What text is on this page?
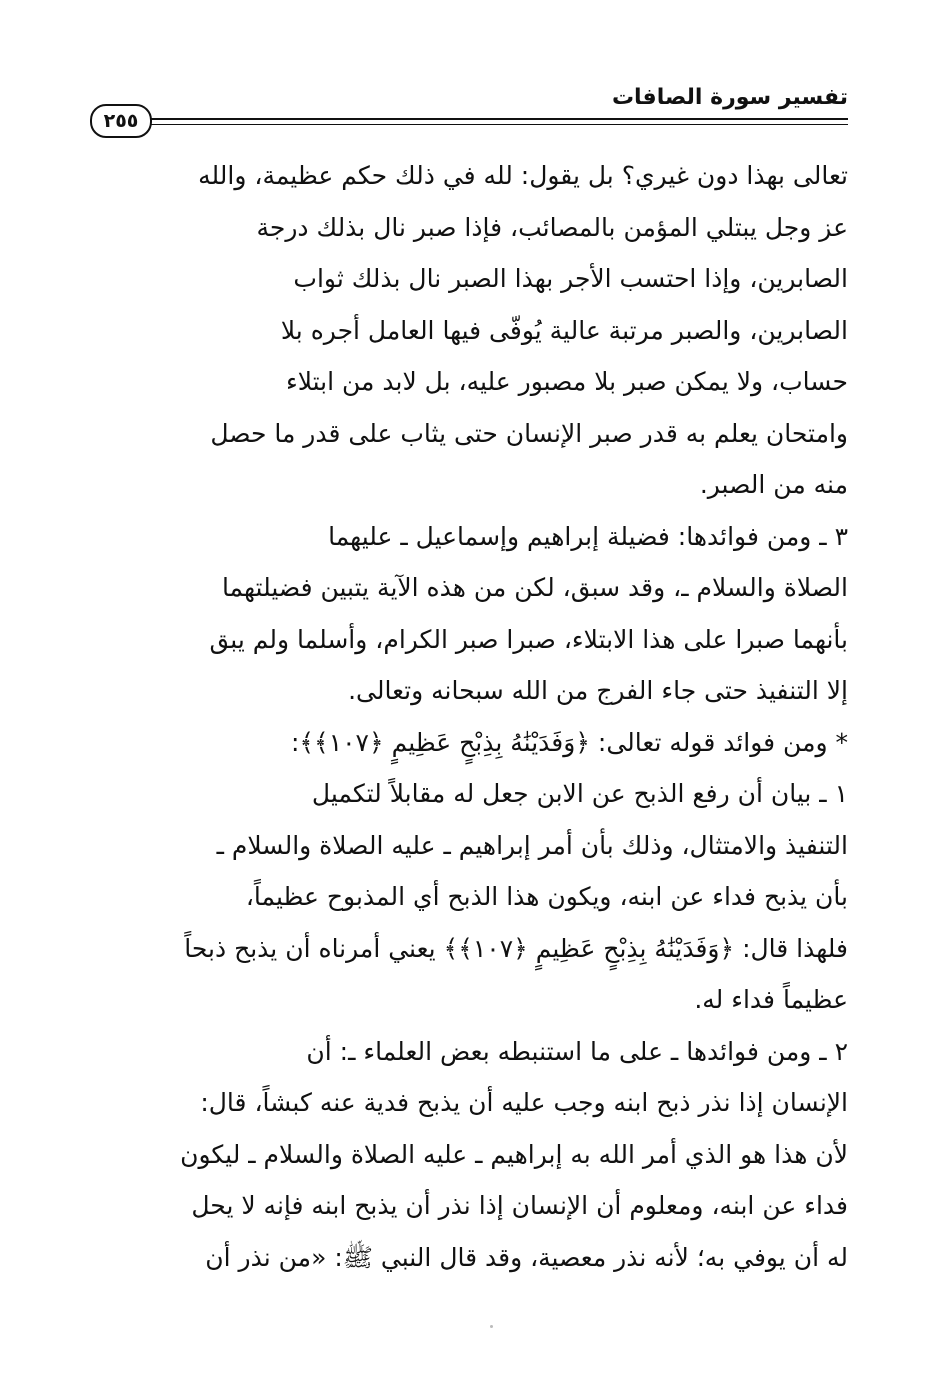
تفسير سورة الصافات
٢٥٥
تعالى بهذا دون غيري؟ بل يقول: لله في ذلك حكم عظيمة، والله
عز وجل يبتلي المؤمن بالمصائب، فإذا صبر نال بذلك درجة
الصابرين، وإذا احتسب الأجر بهذا الصبر نال بذلك ثواب
الصابرين، والصبر مرتبة عالية يُوفّى فيها العامل أجره بلا
حساب، ولا يمكن صبر بلا مصبور عليه، بل لابد من ابتلاء
وامتحان يعلم به قدر صبر الإنسان حتى يثاب على قدر ما حصل
منه من الصبر.
٣ ـ ومن فوائدها: فضيلة إبراهيم وإسماعيل ـ عليهما
الصلاة والسلام ـ، وقد سبق، لكن من هذه الآية يتبين فضيلتهما
بأنهما صبرا على هذا الابتلاء، صبرا صبر الكرام، وأسلما ولم يبق
إلا التنفيذ حتى جاء الفرج من الله سبحانه وتعالى.
* ومن فوائد قوله تعالى: ﴿وَفَدَيْنَٰهُ بِذِبْحٍ عَظِيمٍ ﴿١٠٧﴾﴾:
١ ـ بيان أن رفع الذبح عن الابن جعل له مقابلاً لتكميل
التنفيذ والامتثال، وذلك بأن أمر إبراهيم ـ عليه الصلاة والسلام ـ
بأن يذبح فداء عن ابنه، ويكون هذا الذبح أي المذبوح عظيماً،
فلهذا قال: ﴿وَفَدَيْنَٰهُ بِذِبْحٍ عَظِيمٍ ﴿١٠٧﴾﴾ يعني أمرناه أن يذبح ذبحاً
عظيماً فداء له.
٢ ـ ومن فوائدها ـ على ما استنبطه بعض العلماء ـ: أن
الإنسان إذا نذر ذبح ابنه وجب عليه أن يذبح فدية عنه كبشاً، قال:
لأن هذا هو الذي أمر الله به إبراهيم ـ عليه الصلاة والسلام ـ ليكون
فداء عن ابنه، ومعلوم أن الإنسان إذا نذر أن يذبح ابنه فإنه لا يحل
له أن يوفي به؛ لأنه نذر معصية، وقد قال النبي ﷺ: «من نذر أن
